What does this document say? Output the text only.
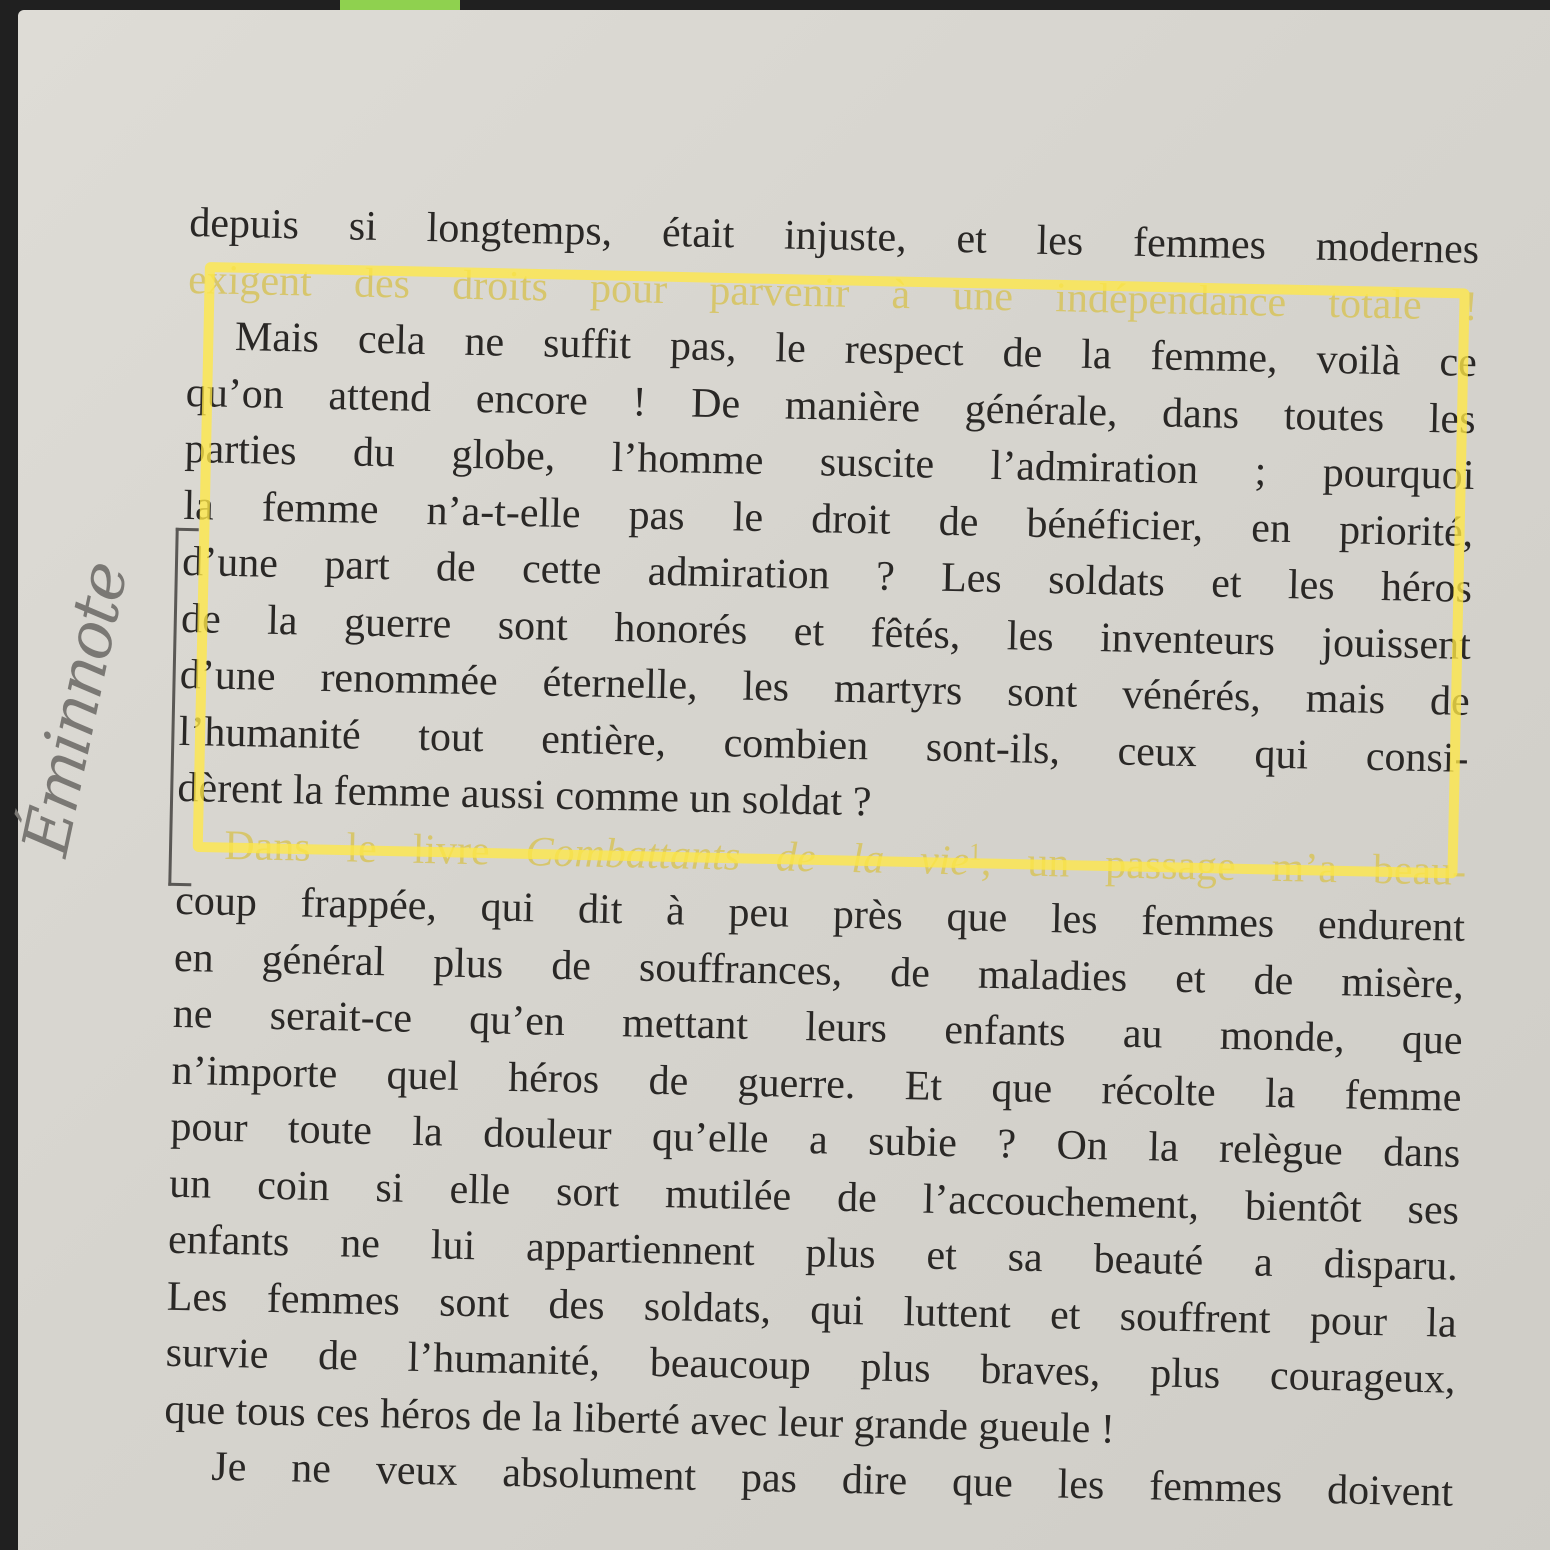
depuis si longtemps, était injuste, et les femmes modernes
exigent des droits pour parvenir à une indépendance totale !
Mais cela ne suffit pas, le respect de la femme, voilà ce
qu’on attend encore ! De manière générale, dans toutes les
parties du globe, l’homme suscite l’admiration ; pourquoi
la femme n’a-t-elle pas le droit de bénéficier, en priorité,
d’une part de cette admiration ? Les soldats et les héros
de la guerre sont honorés et fêtés, les inventeurs jouissent
d’une renommée éternelle, les martyrs sont vénérés, mais de
l’humanité tout entière, combien sont-ils, ceux qui consi-
dèrent la femme aussi comme un soldat ?
Dans le livre Combattants de la vie$^1$, un passage m’a beau-
coup frappée, qui dit à peu près que les femmes endurent
en général plus de souffrances, de maladies et de misère,
ne serait-ce qu’en mettant leurs enfants au monde, que
n’importe quel héros de guerre. Et que récolte la femme
pour toute la douleur qu’elle a subie ? On la relègue dans
un coin si elle sort mutilée de l’accouchement, bientôt ses
enfants ne lui appartiennent plus et sa beauté a disparu.
Les femmes sont des soldats, qui luttent et souffrent pour la
survie de l’humanité, beaucoup plus braves, plus courageux,
que tous ces héros de la liberté avec leur grande gueule !
Je ne veux absolument pas dire que les femmes doivent
Éminnote
